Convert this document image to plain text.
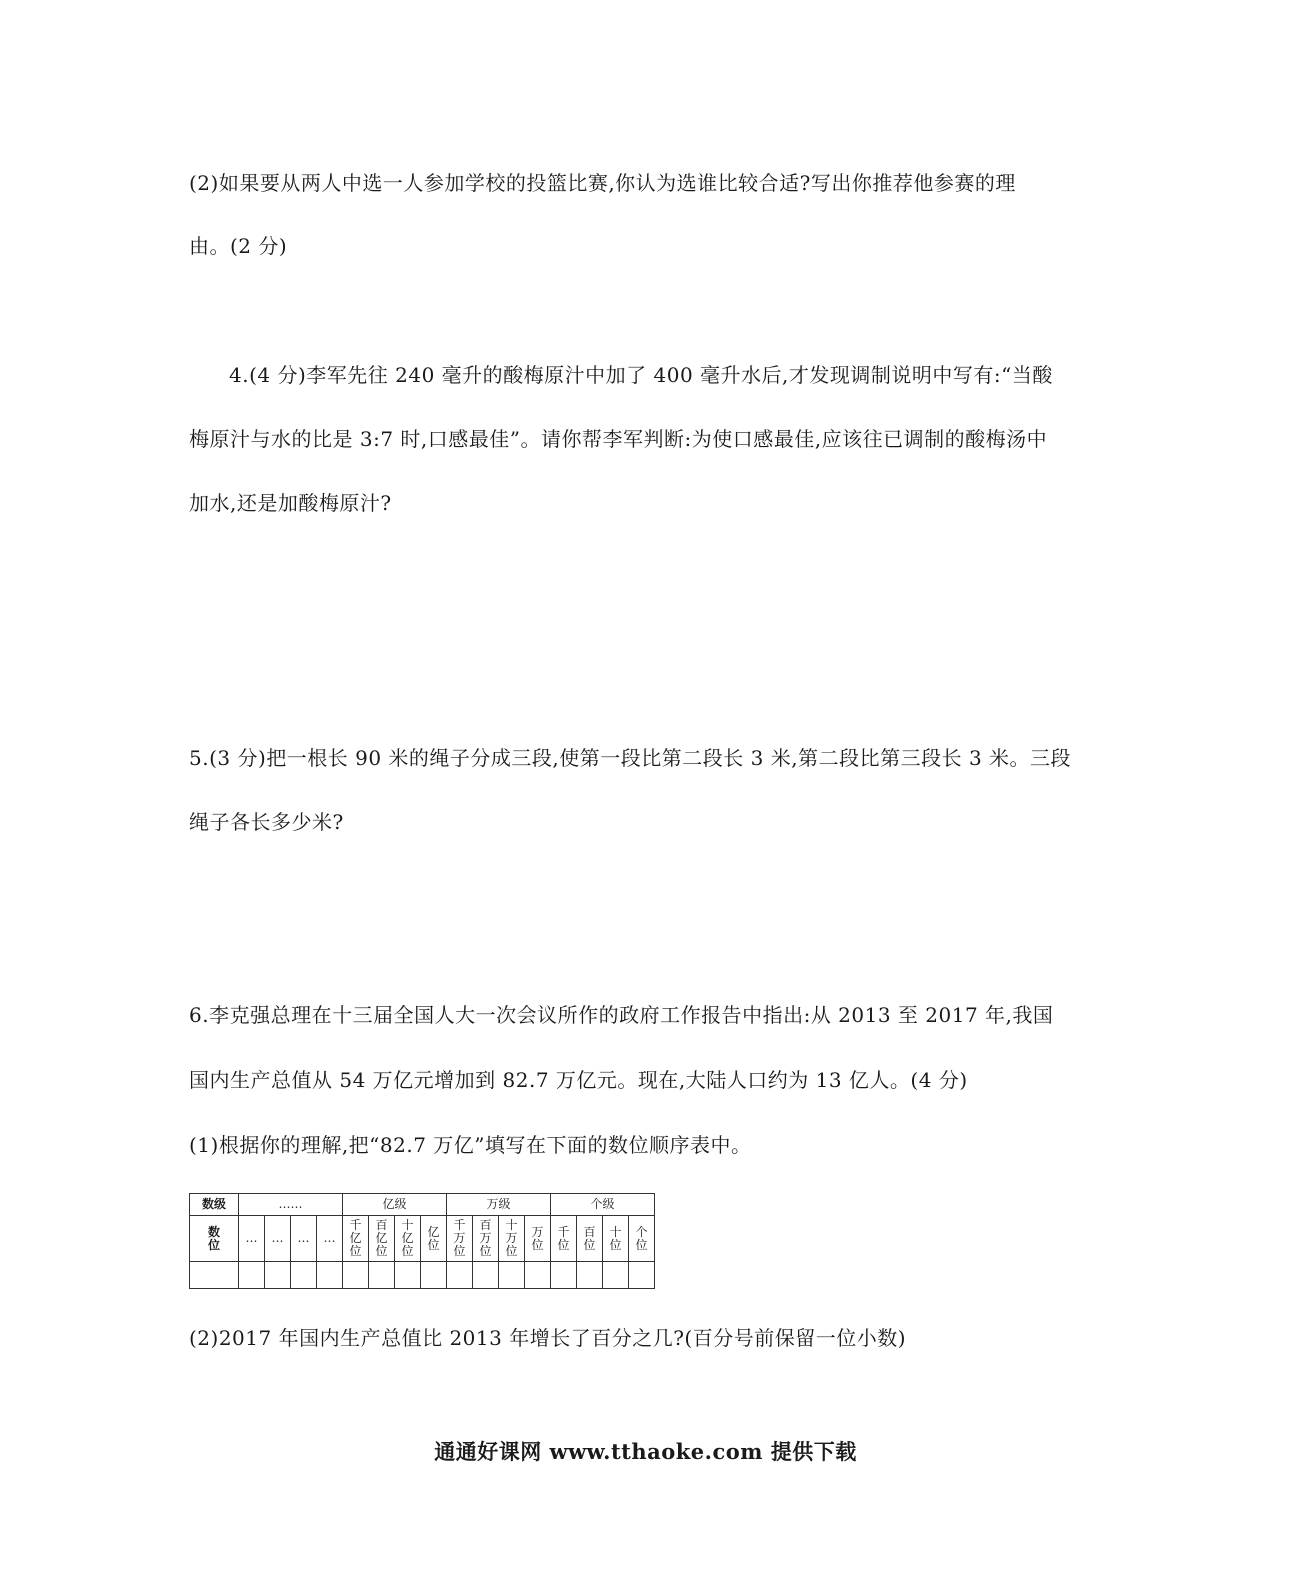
(2)如果要从两人中选一人参加学校的投篮比赛,你认为选谁比较合适?写出你推荐他参赛的理
由。(2 分)
4.(4 分)李军先往 240 毫升的酸梅原汁中加了 400 毫升水后,才发现调制说明中写有:“当酸
梅原汁与水的比是 3:7 时,口感最佳”。请你帮李军判断:为使口感最佳,应该往已调制的酸梅汤中
加水,还是加酸梅原汁?
5.(3 分)把一根长 90 米的绳子分成三段,使第一段比第二段长 3 米,第二段比第三段长 3 米。三段
绳子各长多少米?
6.李克强总理在十三届全国人大一次会议所作的政府工作报告中指出:从 2013 至 2017 年,我国
国内生产总值从 54 万亿元增加到 82.7 万亿元。现在,大陆人口约为 13 亿人。(4 分)
(1)根据你的理解,把“82.7 万亿”填写在下面的数位顺序表中。
数级	……				亿级				万级				个级			
数位	…	…	…	…	千亿位	百亿位	十亿位	亿位	千万位	百万位	十万位	万位	千位	百位	十位	个位

(2)2017 年国内生产总值比 2013 年增长了百分之几?(百分号前保留一位小数)
通通好课网 www.tthaoke.com 提供下载
